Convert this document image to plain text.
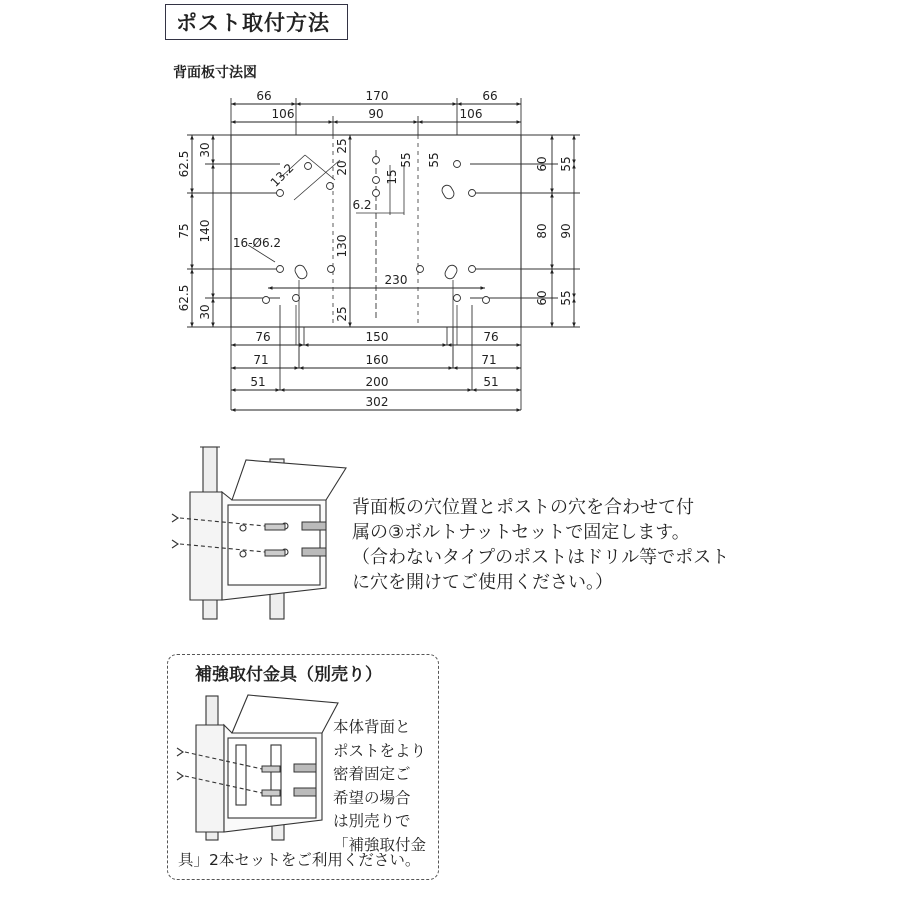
ポスト取付方法
背面板寸法図
66	170	66
106	90	106
62.5
75
62.5
30
140
30
60
80
60
55
90
55
20
25
55
15
55
13.2
6.2
16-Ø6.2	130
230
25
76	150	76
71	160	71
51	200	51
302
背面板の穴位置とポストの穴を合わせて付
属の③ボルトナットセットで固定します。
（合わないタイプのポストはドリル等でポスト
に穴を開けてご使用ください。）
補強取付金具（別売り）
本体背面と
ポストをより
密着固定ご
希望の場合
は別売りで
「補強取付金
具」2本セットをご利用ください。
